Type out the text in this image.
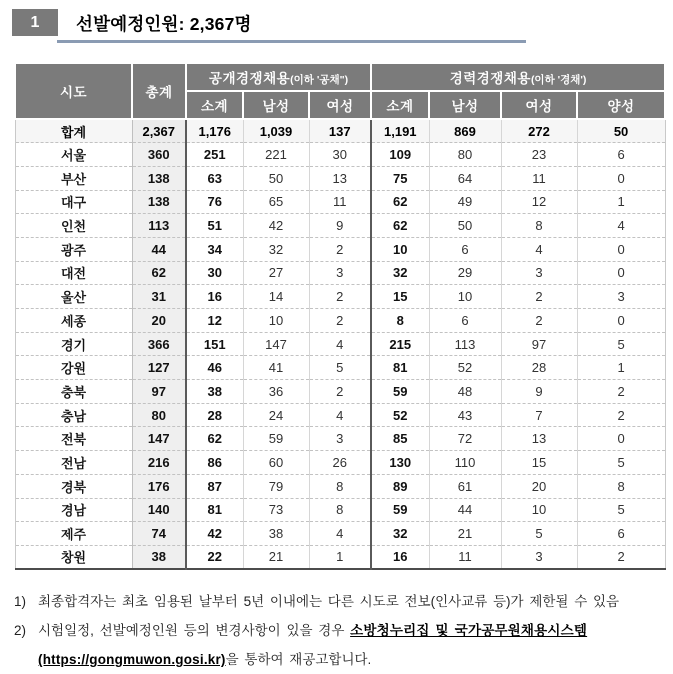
1	선발예정인원: 2,367명
시도	총계	공개경쟁채용(이하 '공채")			경력경쟁채용(이하 '경채')			
		소계	남성	여성	소계	남성	여성	양성
합계	2,367	1,176	1,039	137	1,191	869	272	50
서울	360	251	221	30	109	80	23	6
부산	138	63	50	13	75	64	11	0
대구	138	76	65	11	62	49	12	1
인천	113	51	42	9	62	50	8	4
광주	44	34	32	2	10	6	4	0
대전	62	30	27	3	32	29	3	0
울산	31	16	14	2	15	10	2	3
세종	20	12	10	2	8	6	2	0
경기	366	151	147	4	215	113	97	5
강원	127	46	41	5	81	52	28	1
충북	97	38	36	2	59	48	9	2
충남	80	28	24	4	52	43	7	2
전북	147	62	59	3	85	72	13	0
전남	216	86	60	26	130	110	15	5
경북	176	87	79	8	89	61	20	8
경남	140	81	73	8	59	44	10	5
제주	74	42	38	4	32	21	5	6
창원	38	22	21	1	16	11	3	2
1) 최종합격자는 최초 임용된 날부터 5년 이내에는 다른 시도로 전보(인사교류 등)가 제한될 수 있음
2) 시험일정, 선발예정인원 등의 변경사항이 있을 경우 소방청누리집 및 국가공무원채용시스템 (https://gongmuwon.gosi.kr)을 통하여 재공고합니다.
